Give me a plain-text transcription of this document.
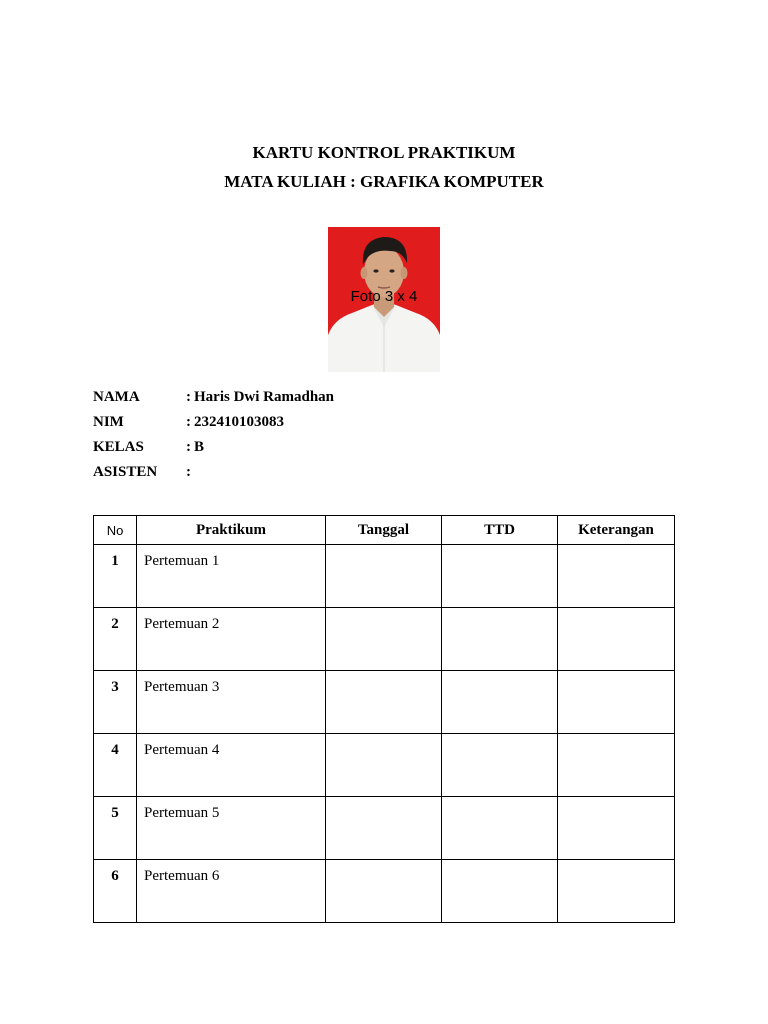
KARTU KONTROL PRAKTIKUM
MATA KULIAH : GRAFIKA KOMPUTER
Foto 3 x 4
NAMA	: Haris Dwi Ramadhan
NIM	: 232410103083
KELAS	: B
ASISTEN :
No	Praktikum	Tanggal	TTD	Keterangan
1	Pertemuan 1			
2	Pertemuan 2			
3	Pertemuan 3			
4	Pertemuan 4			
5	Pertemuan 5			
6	Pertemuan 6			
